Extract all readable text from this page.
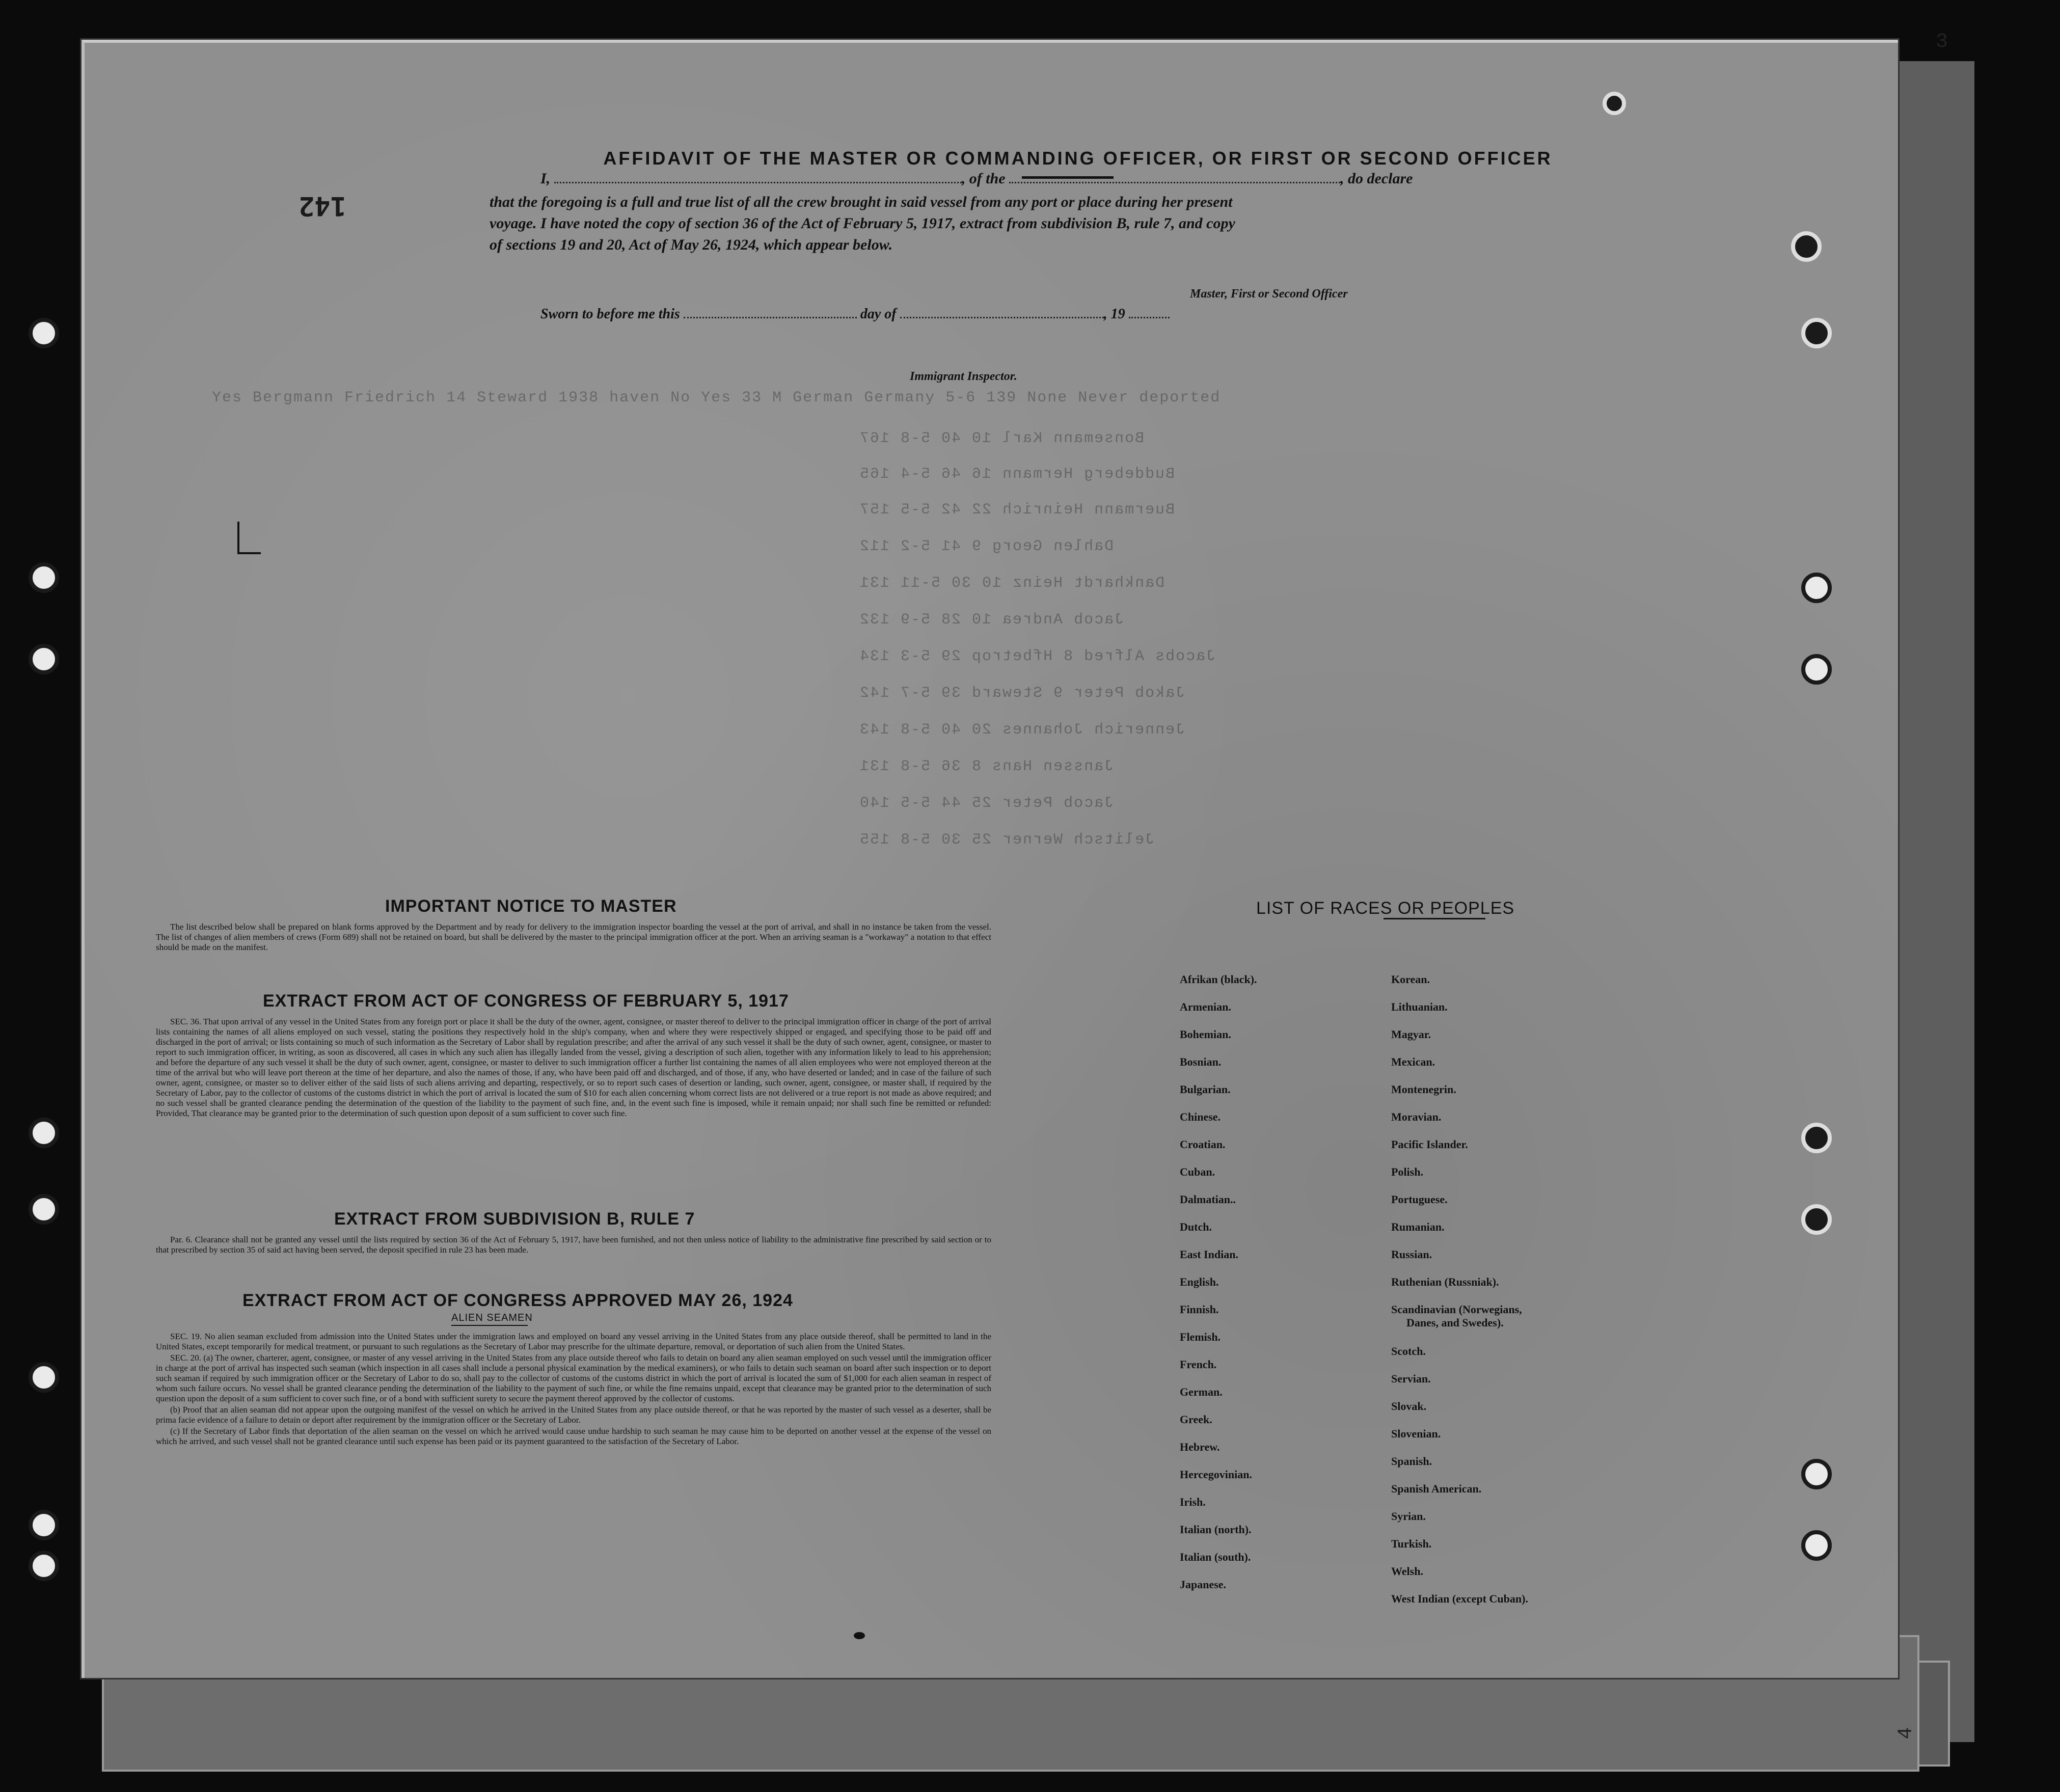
142
AFFIDAVIT OF THE MASTER OR COMMANDING OFFICER, OR FIRST OR SECOND OFFICER
I,	, of the	, do declare
that the foregoing is a full and true list of all the crew brought in said vessel from any port or place during her present
voyage. I have noted the copy of section 36 of the Act of February 5, 1917, extract from subdivision B, rule 7, and copy
of sections 19 and 20, Act of May 26, 1924, which appear below.
Master, First or Second Officer
Sworn to before me this	day of	, 19
Immigrant Inspector.
Yes Bergmann Friedrich 14 Steward 1938 haven No Yes 33 M German Germany 5-6 139 None Never deported
Bonsemann Karl 10 40 5-8 167
Buddeberg Hermann 16 46 5-4 165
Buermann Heinrich 22 42 5-5 157
Dahlen Georg 9 41 5-2 112
Dankhardt Heinz 10 30 5-11 131
Jacob Andrea 10 28 5-9 132
Jacobs Alfred 8 Hfbetrop 29 5-3 134
Jakob Peter 9 Steward 39 5-7 142
Jennerich Johannes 20 40 5-8 143
Janssen Hans 8 36 5-8 131
Jacob Peter 25 44 5-5 140
Jelitsch Werner 25 30 5-8 155
IMPORTANT NOTICE TO MASTER

The list described below shall be prepared on blank forms approved by the Department and by ready for delivery to the immigration inspector boarding the vessel at the port of arrival, and shall in no instance be taken from the vessel. The list of changes of alien members of crews (Form 689) shall not be retained on board, but shall be delivered by the master to the principal immigration officer at the port. When an arriving seaman is a "workaway" a notation to that effect should be made on the manifest.

EXTRACT FROM ACT OF CONGRESS OF FEBRUARY 5, 1917

SEC. 36. That upon arrival of any vessel in the United States from any foreign port or place it shall be the duty of the owner, agent, consignee, or master thereof to deliver to the principal immigration officer in charge of the port of arrival lists containing the names of all aliens employed on such vessel, stating the positions they respectively hold in the ship's company, when and where they were respectively shipped or engaged, and specifying those to be paid off and discharged in the port of arrival; or lists containing so much of such information as the Secretary of Labor shall by regulation prescribe; and after the arrival of any such vessel it shall be the duty of such owner, agent, consignee, or master to report to such immigration officer, in writing, as soon as discovered, all cases in which any such alien has illegally landed from the vessel, giving a description of such alien, together with any information likely to lead to his apprehension; and before the departure of any such vessel it shall be the duty of such owner, agent, consignee, or master to deliver to such immigration officer a further list containing the names of all alien employees who were not employed thereon at the time of the arrival but who will leave port thereon at the time of her departure, and also the names of those, if any, who have been paid off and discharged, and of those, if any, who have deserted or landed; and in case of the failure of such owner, agent, consignee, or master so to deliver either of the said lists of such aliens arriving and departing, respectively, or so to report such cases of desertion or landing, such owner, agent, consignee, or master shall, if required by the Secretary of Labor, pay to the collector of customs of the customs district in which the port of arrival is located the sum of $10 for each alien concerning whom correct lists are not delivered or a true report is not made as above required; and no such vessel shall be granted clearance pending the determination of the question of the liability to the payment of such fine, and, in the event such fine is imposed, while it remain unpaid; nor shall such fine be remitted or refunded: Provided, That clearance may be granted prior to the determination of such question upon deposit of a sum sufficient to cover such fine.

EXTRACT FROM SUBDIVISION B, RULE 7

Par. 6. Clearance shall not be granted any vessel until the lists required by section 36 of the Act of February 5, 1917, have been furnished, and not then unless notice of liability to the administrative fine prescribed by said section or to that prescribed by section 35 of said act having been served, the deposit specified in rule 23 has been made.

EXTRACT FROM ACT OF CONGRESS APPROVED MAY 26, 1924
ALIEN SEAMEN

SEC. 19. No alien seaman excluded from admission into the United States under the immigration laws and employed on board any vessel arriving in the United States from any place outside thereof, shall be permitted to land in the United States, except temporarily for medical treatment, or pursuant to such regulations as the Secretary of Labor may prescribe for the ultimate departure, removal, or deportation of such alien from the United States.

SEC. 20. (a) The owner, charterer, agent, consignee, or master of any vessel arriving in the United States from any place outside thereof who fails to detain on board any alien seaman employed on such vessel until the immigration officer in charge at the port of arrival has inspected such seaman (which inspection in all cases shall include a personal physical examination by the medical examiners), or who fails to detain such seaman on board after such inspection or to deport such seaman if required by such immigration officer or the Secretary of Labor to do so, shall pay to the collector of customs of the customs district in which the port of arrival is located the sum of $1,000 for each alien seaman in respect of whom such failure occurs. No vessel shall be granted clearance pending the determination of the liability to the payment of such fine, or while the fine remains unpaid, except that clearance may be granted prior to the determination of such question upon the deposit of a sum sufficient to cover such fine, or of a bond with sufficient surety to secure the payment thereof approved by the collector of customs.

(b) Proof that an alien seaman did not appear upon the outgoing manifest of the vessel on which he arrived in the United States from any place outside thereof, or that he was reported by the master of such vessel as a deserter, shall be prima facie evidence of a failure to detain or deport after requirement by the immigration officer or the Secretary of Labor.

(c) If the Secretary of Labor finds that deportation of the alien seaman on the vessel on which he arrived would cause undue hardship to such seaman he may cause him to be deported on another vessel at the expense of the vessel on which he arrived, and such vessel shall not be granted clearance until such expense has been paid or its payment guaranteed to the satisfaction of the Secretary of Labor.

LIST OF RACES OR PEOPLES
Afrikan (black).
Armenian.
Bohemian.
Bosnian.
Bulgarian.
Chinese.
Croatian.
Cuban.
Dalmatian..
Dutch.
East Indian.
English.
Finnish.
Flemish.
French.
German.
Greek.
Hebrew.
Hercegovinian.
Irish.
Italian (north).
Italian (south).
Japanese.
Korean.
Lithuanian.
Magyar.
Mexican.
Montenegrin.
Moravian.
Pacific Islander.
Polish.
Portuguese.
Rumanian.
Russian.
Ruthenian (Russniak).
Scandinavian (Norwegians,
Danes, and Swedes).
Scotch.
Servian.
Slovak.
Slovenian.
Spanish.
Spanish American.
Syrian.
Turkish.
Welsh.
West Indian (except Cuban).
3
4
